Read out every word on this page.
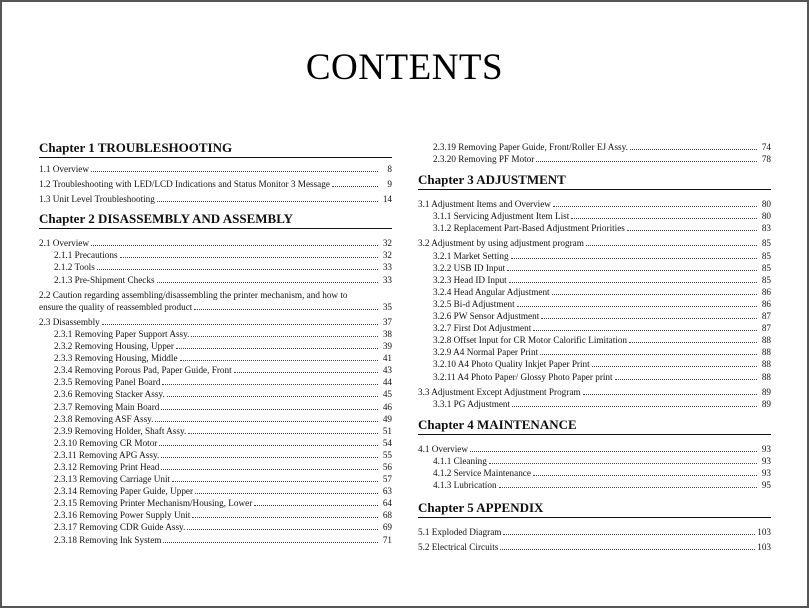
CONTENTS
Chapter 1 TROUBLESHOOTING
1.1 Overview	8
1.2 Troubleshooting with LED/LCD Indications and Status Monitor 3 Message	9
1.3 Unit Level Troubleshooting	14
Chapter 2 DISASSEMBLY AND ASSEMBLY
2.1 Overview	32
2.1.1 Precautions	32
2.1.2 Tools	33
2.1.3 Pre-Shipment Checks	33
2.2 Caution regarding assembling/disassembling the printer mechanism, and how to
ensure the quality of reassembled product	35
2.3 Disassembly	37
2.3.1 Removing Paper Support Assy.	38
2.3.2 Removing Housing, Upper	39
2.3.3 Removing Housing, Middle	41
2.3.4 Removing Porous Pad, Paper Guide, Front	43
2.3.5 Removing Panel Board	44
2.3.6 Removing Stacker Assy.	45
2.3.7 Removing Main Board	46
2.3.8 Removing ASF Assy.	49
2.3.9 Removing Holder, Shaft Assy.	51
2.3.10 Removing CR Motor	54
2.3.11 Removing APG Assy.	55
2.3.12 Removing Print Head	56
2.3.13 Removing Carriage Unit	57
2.3.14 Removing Paper Guide, Upper	63
2.3.15 Removing Printer Mechanism/Housing, Lower	64
2.3.16 Removing Power Supply Unit	68
2.3.17 Removing CDR Guide Assy.	69
2.3.18 Removing Ink System	71
2.3.19 Removing Paper Guide, Front/Roller EJ Assy.	74
2.3.20 Removing PF Motor	78
Chapter 3 ADJUSTMENT
3.1 Adjustment Items and Overview	80
3.1.1 Servicing Adjustment Item List	80
3.1.2 Replacement Part-Based Adjustment Priorities	83
3.2 Adjustment by using adjustment program	85
3.2.1 Market Setting	85
3.2.2 USB ID Input	85
3.2.3 Head ID Input	85
3.2.4 Head Angular Adjustment	86
3.2.5 Bi-d Adjustment	86
3.2.6 PW Sensor Adjustment	87
3.2.7 First Dot Adjustment	87
3.2.8 Offset Input for CR Motor Calorific Limitation	88
3.2.9 A4 Normal Paper Print	88
3.2.10 A4 Photo Quality Inkjet Paper Print	88
3.2.11 A4 Photo Paper/ Glossy Photo Paper print	88
3.3 Adjustment Except Adjustment Program	89
3.3.1 PG Adjustment	89
Chapter 4 MAINTENANCE
4.1 Overview	93
4.1.1 Cleaning	93
4.1.2 Service Maintenance	93
4.1.3 Lubrication	95
Chapter 5 APPENDIX
5.1 Exploded Diagram	103
5.2 Electrical Circuits	103
